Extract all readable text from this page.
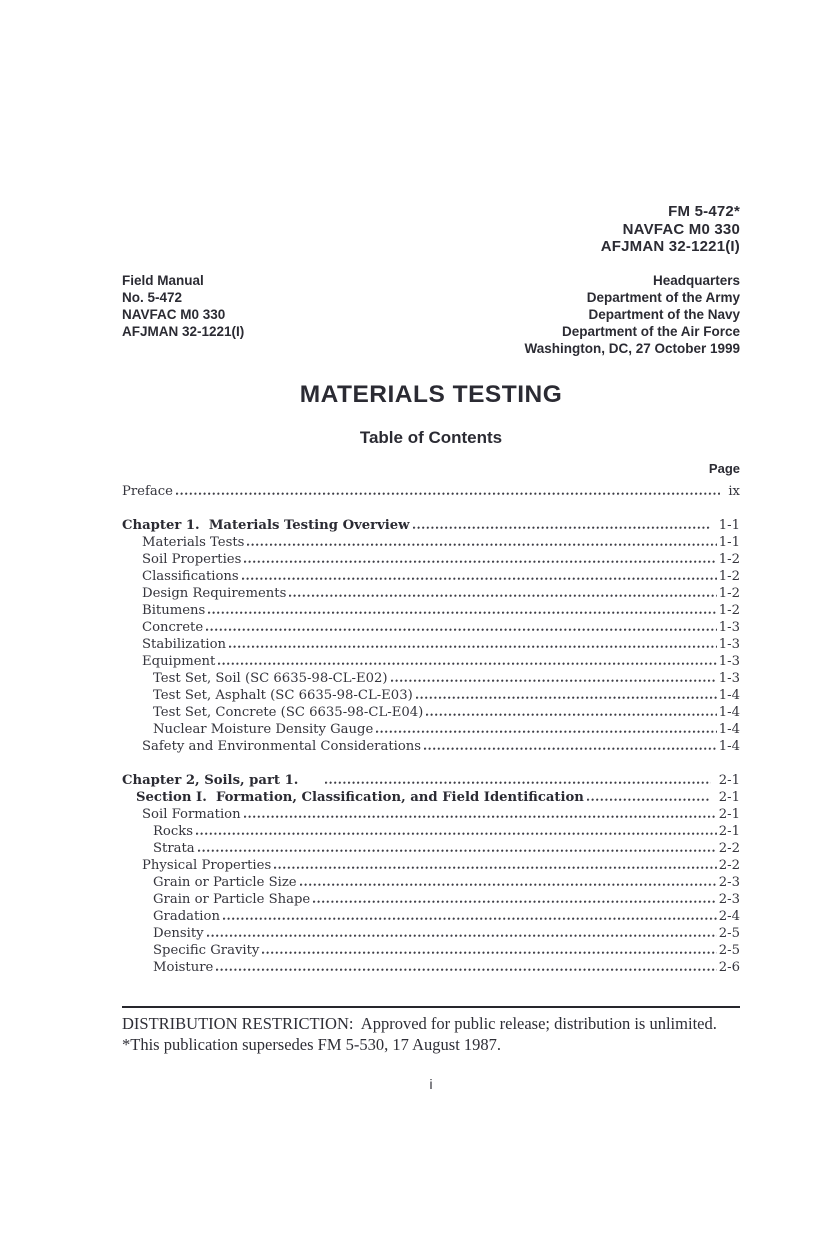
FM 5-472*
NAVFAC M0 330
AFJMAN 32-1221(I)
Field Manual
No. 5-472
NAVFAC M0 330
AFJMAN 32-1221(I)
Headquarters
Department of the Army
Department of the Navy
Department of the Air Force
Washington, DC, 27 October 1999
MATERIALS TESTING
Table of Contents
Page
Preface	ix
Chapter 1.  Materials Testing Overview	1-1
Materials Tests	1-1
Soil Properties	1-2
Classifications	1-2
Design Requirements	1-2
Bitumens	1-2
Concrete	1-3
Stabilization	1-3
Equipment	1-3
Test Set, Soil (SC 6635-98-CL-E02)	1-3
Test Set, Asphalt (SC 6635-98-CL-E03)	1-4
Test Set, Concrete (SC 6635-98-CL-E04)	1-4
Nuclear Moisture Density Gauge	1-4
Safety and Environmental Considerations	1-4
Chapter 2, Soils, part 1.	2-1
Section I.  Formation, Classification, and Field Identification	2-1
Soil Formation	2-1
Rocks	2-1
Strata	2-2
Physical Properties	2-2
Grain or Particle Size	2-3
Grain or Particle Shape	2-3
Gradation	2-4
Density	2-5
Specific Gravity	2-5
Moisture	2-6

DISTRIBUTION RESTRICTION:  Approved for public release; distribution is unlimited.

*This publication supersedes FM 5-530, 17 August 1987.

i
